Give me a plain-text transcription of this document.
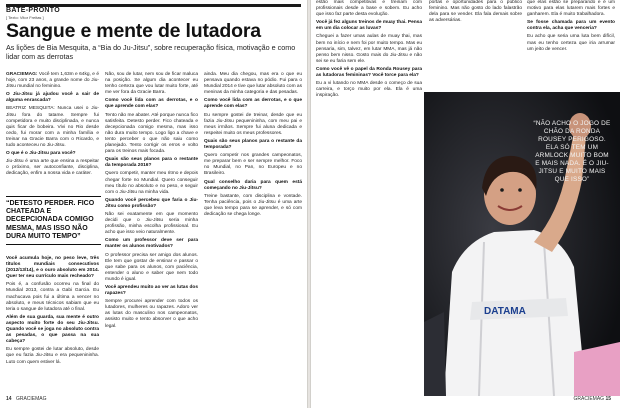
BATE-PRONTO
[ Texto: Vitor Freitas ]
Sangue e mente de lutadora

As lições de Bia Mesquita, a “Bia do Ju-Jitsu”, sobre recuperação física, motivação e como lidar com as derrotas

GRACIEMAG: Você tem 1,63m e 64kg, e é hoje, com 23 anos, a grande nome do Jiu-Jitsu mundial no feminino.

O Jiu-Jitsu já ajudou você a sair de alguma enrascada?

BEATRIZ MESQUITA: Nunca usei o Jiu-Jitsu fora do tatame. Sempre fui competidora e muito disciplinada, e nunca quis ficar de bobeira. Vivi no Rio desde cedo, fui morar com a minha família e treinar na Gracie Barra com o Ricardo, e tudo aconteceu no Jiu-Jitsu.

O que é o Jiu-Jitsu para você?

Jiu-Jitsu é uma arte que ensina a respeitar o próximo, ser autoconfiante, disciplina, dedicação, enfim a nossa vida e caráter.

“DETESTO PERDER. FICO CHATEADA E DECEPCIONADA COMIGO MESMA, MAS ISSO NÃO DURA MUITO TEMPO”

Você acumula hoje, no peso leve, três títulos mundiais consecutivos (2012/13/14), e o ouro absoluto em 2014. Quer ter seu currículo mais recheado?

Pois é, a confusão ocorreu na final do Mundial 2013, contra a Gabi Garcia. Eu machucava pois fui a última a vencer no absoluto, e meus técnicos sabiam que eu teria o sangue de lutadora até o final.

Além de sua guarda, sua mente é outro aspecto muito forte do seu Jiu-Jitsu. Quando você se joga no absoluto contra as pesadas, o que passa na sua cabeça?

Eu sempre gostei de lutar absoluto, desde que eu fazia Jiu-Jitsu e era pequenininha. Luto com quem estiver lá.

Não, sou de lutar, nem sou de ficar maluca na posição. Se algum dia acontecer eu tenho certeza que vou lutar muito forte, até me ver fora da Gracie Barra.

Como você lida com as derrotas, e o que aprende com elas?

Tento não me abater. Até porque nunca fico satisfeita. Detesto perder. Fico chateada e decepcionada comigo mesma, mas isso não dura muito tempo. Logo ligo a chave e tento perceber o que não saiu como planejado. Tento corrigir os erros e volto para os treinos mais focada.

Quais são seus planos para o restante da temporada 2016?

Quero competir, manter meu ritmo e depois chegar forte no Mundial. Quero conseguir meu título no absoluto e no peso, e seguir com o Jiu-Jitsu na minha vida.

Quando você percebeu que faria o Jiu-Jitsu como profissão?

Não sei exatamente em que momento decidi que o Jiu-Jitsu seria minha profissão, minha escolha profissional. Eu acho que isso veio naturalmente.

Como um professor deve ser para manter os alunos motivados?

O professor precisa ser amigo dos alunos. Ele tem que gostar de ensinar e passar o que sabe para os alunos, com paciência, entender o aluno e saber que nem todo mundo é igual.

Você aprendeu muito ao ver as lutas dos rapazes?

Sempre procurei aprender com todos os lutadores, mulheres ou rapazes. Adoro ver as lutas do masculino nos campeonatos, assisto muito e tento absorver o que acho legal.

ainda. Meu dia chegou, mas era o que eu pensava quando estava no pódio. Fui para o Mundial 2014 e tive que lutar absoluto com as meninas da minha categoria e das pesadas.

Como você lida com as derrotas, e o que aprende com elas?

Eu sempre gostei de treinar, desde que eu fazia Jiu-Jitsu pequenininha, com meu pai e meus irmãos. Sempre fui aluna dedicada e respeitei muito os meus professores.

Quais são seus planos para o restante da temporada?

Quero competir nos grandes campeonatos, me preparar bem e ser sempre melhor. Foco no Mundial, no Pan, no Europeu e no Brasileiro.

Qual conselho daria para quem está começando no Jiu-Jitsu?

Treine bastante, com disciplina e vontade. Tenha paciência, pois o Jiu-Jitsu é uma arte que leva tempo para se aprender, e só com dedicação se chega longe.

14 GRACIEMAG

estão mais competitivas e treinam com profissionais desde a base e sobem. Eu acho que isso faz parte desta evolução.

Você já fez alguns treinos de muay thai. Pensa em um dia colocar as luvas?

Cheguei a fazer umas aulas de muay thai, mas bem no início e nem foi por muito tempo. Mas eu pensaria, sim, talvez, em lutar MMA, mas já não penso bem nisso. Gosto mais do Jiu-Jitsu e não sei se eu faria sem ele.

Como você vê o papel da Ronda Rousey para as lutadoras femininas? Você torce para ela?

Eu a vi lutando no MMA desde o começo de sua carreira, e torço muito por ela. Ela é uma inspiração.

portas e oportunidades para o público feminino. Mas não gosto do lado falastrão dela para se vender. Ela fala demais sobre as adversárias.

que elas estão se preparando e é um motivo para elas lutarem mais fortes e ganharem. Ela é muito trabalhadora.

Se fosse chamada para um evento contra ela, acha que venceria?

Eu acho que seria uma luta bem difícil, mas eu tenho certeza que iria arrumar um jeito de vencer.

DATAMA
“NÃO ACHO O JOGO DE CHÃO DA RONDA ROUSEY PERIGOSO. ELA SÓ TEM UM ARMLOCK MUITO BOM E MAIS NADA. É O JIU-JITSU E MUITO MAIS QUE ISSO”
GRACIEMAG 15
